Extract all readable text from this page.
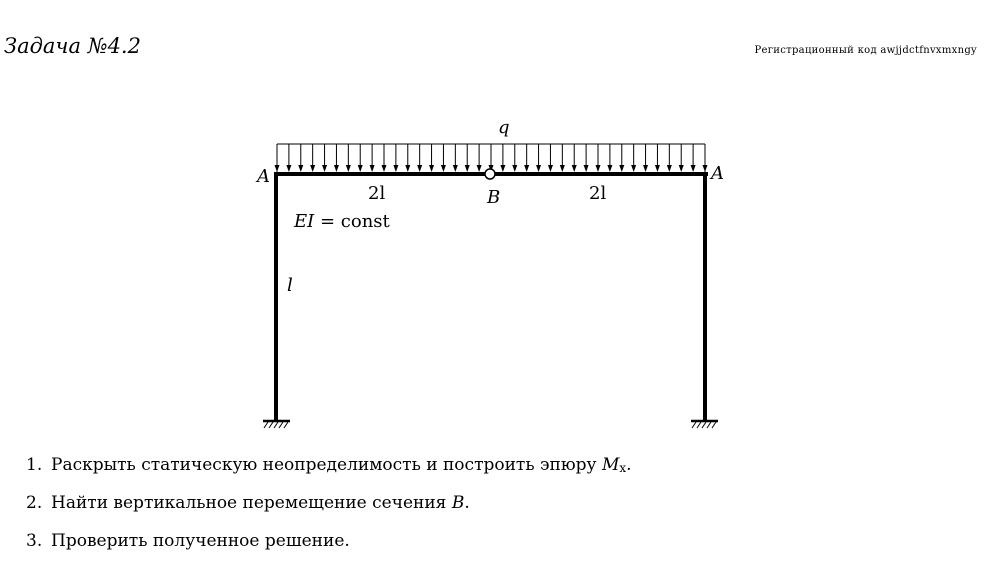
Задача №4.2	Регистрационный код awjjdctfnvxmxngy
q
A	A
B
2l	2l
EI = const
l
1. Раскрыть статическую неопределимость и построить эпюру Mx.
2. Найти вертикальное перемещение сечения B.
3. Проверить полученное решение.
